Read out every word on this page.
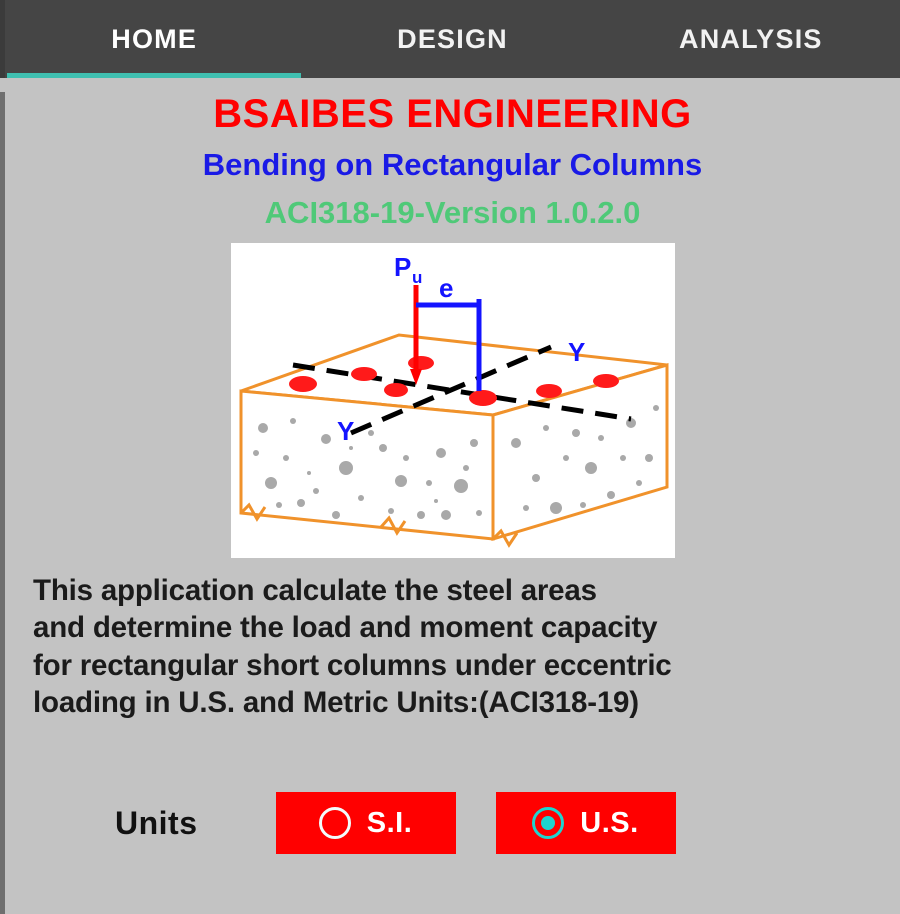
HOME	DESIGN	ANALYSIS
BSAIBES ENGINEERING
Bending on Rectangular Columns
ACI318-19-Version 1.0.2.0
P u e
Y
Y
This application calculate the steel areas
and determine the load and moment capacity
for rectangular short columns under eccentric
loading in U.S. and Metric Units:(ACI318-19)
Units	S.I.	U.S.
